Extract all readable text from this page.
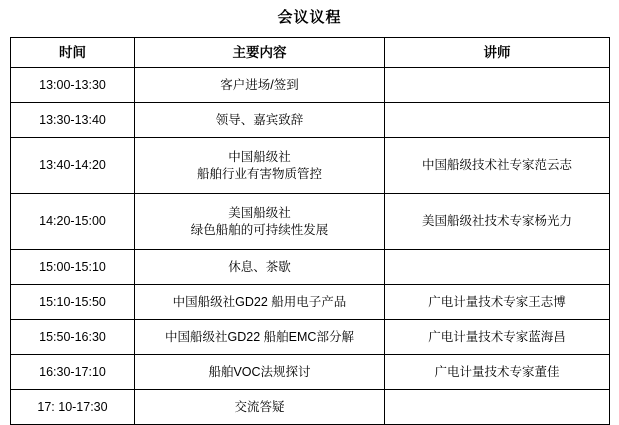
会议议程
时间	主要内容	讲师
13:00-13:30	客户进场/签到	

13:30-13:40	领导、嘉宾致辞	

13:40-14:20	中国船级社
船舶行业有害物质管控	中国船级技术社专家范云志

14:20-15:00	美国船级社
绿色船舶的可持续性发展	美国船级社技术专家杨光力

15:00-15:10	休息、茶歇	

15:10-15:50	中国船级社GD22 船用电子产品	广电计量技术专家王志博

15:50-16:30	中国船级社GD22 船舶EMC部分解	广电计量技术专家蓝海昌

16:30-17:10	船舶VOC法规探讨	广电计量技术专家董佳

17: 10-17:30	交流答疑	
